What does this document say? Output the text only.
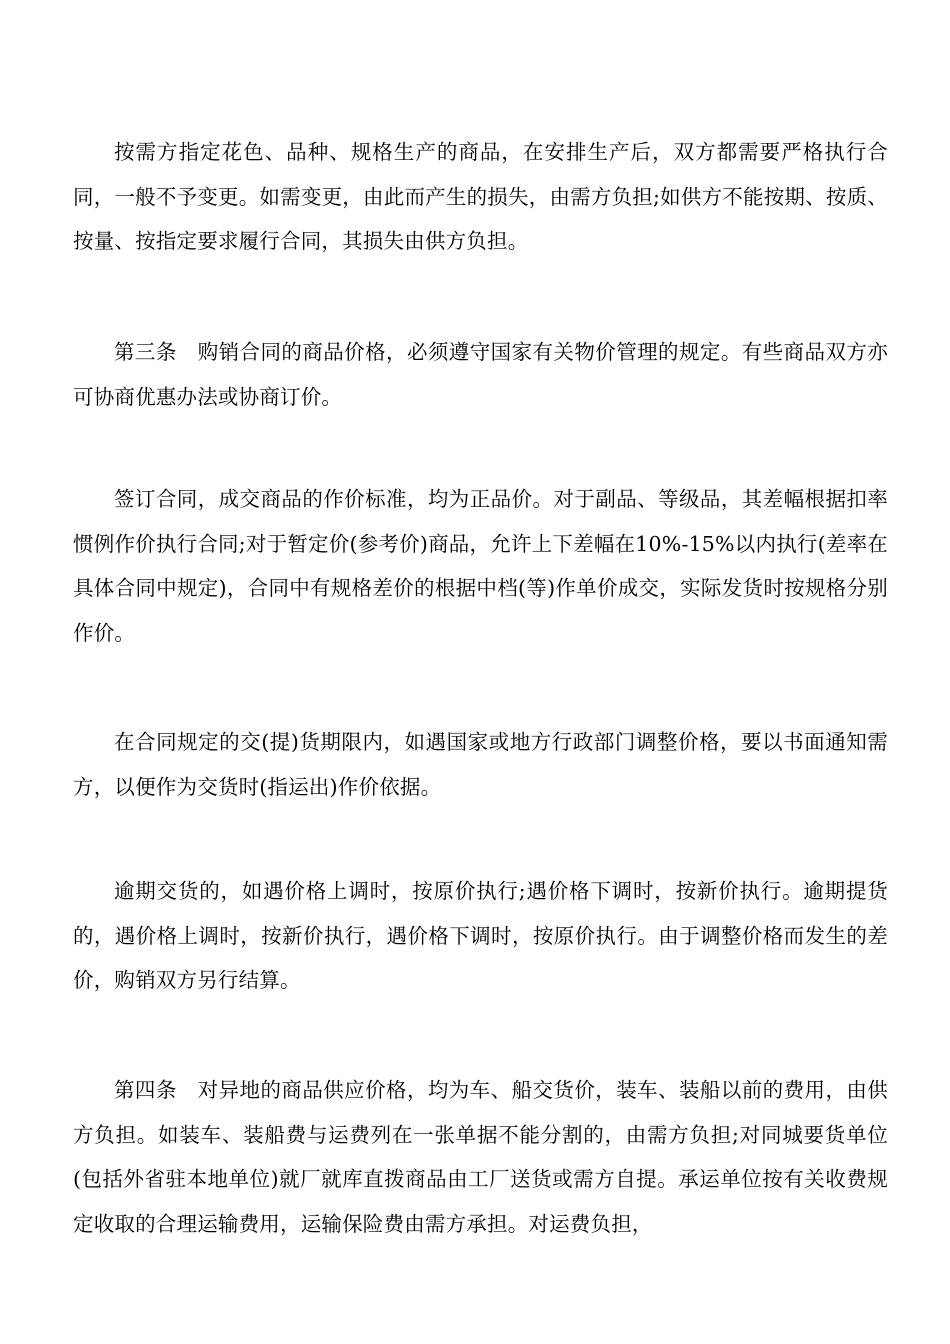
按需方指定花色、品种、规格生产的商品，在安排生产后，双方都需要严格执行合同，一般不予变更。如需变更，由此而产生的损失，由需方负担;如供方不能按期、按质、按量、按指定要求履行合同，其损失由供方负担。

第三条　购销合同的商品价格，必须遵守国家有关物价管理的规定。有些商品双方亦可协商优惠办法或协商订价。

签订合同，成交商品的作价标准，均为正品价。对于副品、等级品，其差幅根据扣率惯例作价执行合同;对于暂定价(参考价)商品，允许上下差幅在10%-15%以内执行(差率在具体合同中规定)，合同中有规格差价的根据中档(等)作单价成交，实际发货时按规格分别作价。

在合同规定的交(提)货期限内，如遇国家或地方行政部门调整价格，要以书面通知需方，以便作为交货时(指运出)作价依据。

逾期交货的，如遇价格上调时，按原价执行;遇价格下调时，按新价执行。逾期提货的，遇价格上调时，按新价执行，遇价格下调时，按原价执行。由于调整价格而发生的差价，购销双方另行结算。

第四条　对异地的商品供应价格，均为车、船交货价，装车、装船以前的费用，由供方负担。如装车、装船费与运费列在一张单据不能分割的，由需方负担;对同城要货单位(包括外省驻本地单位)就厂就库直拨商品由工厂送货或需方自提。承运单位按有关收费规定收取的合理运输费用，运输保险费由需方承担。对运费负担，
